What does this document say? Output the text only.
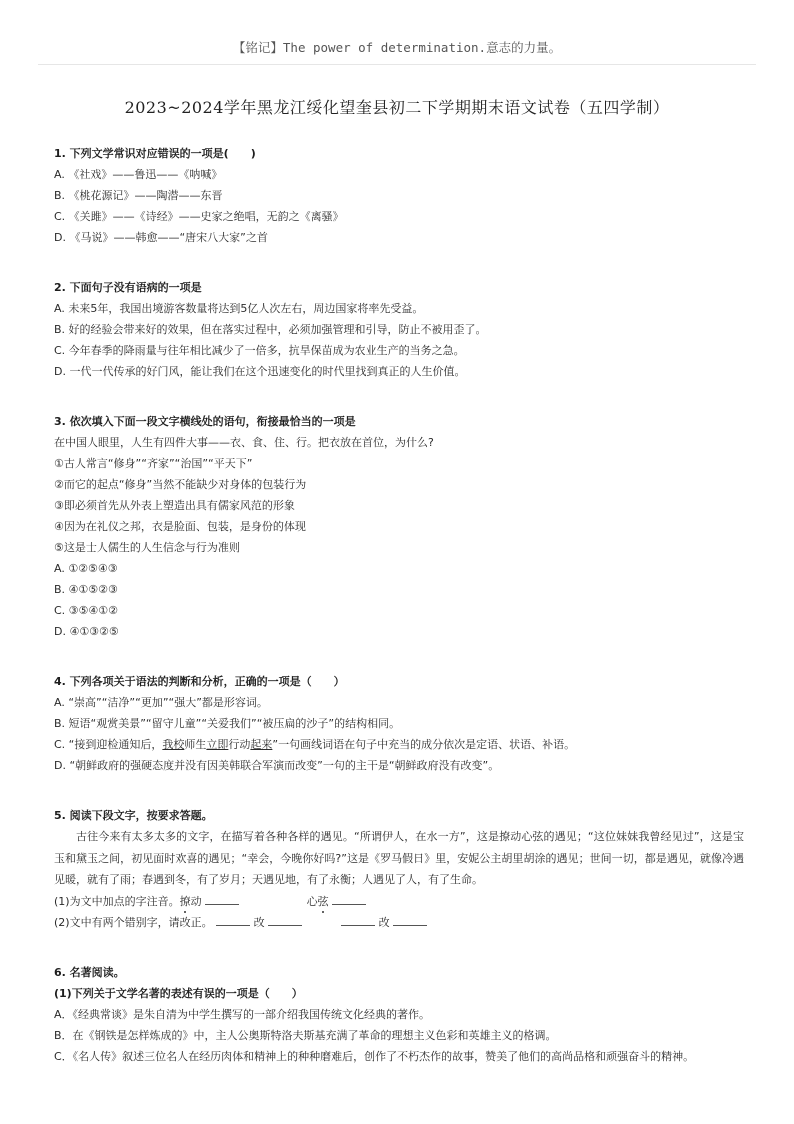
【铭记】The power of determination.意志的力量。
2023~2024学年黑龙江绥化望奎县初二下学期期末语文试卷（五四学制）
1. 下列文学常识对应错误的一项是(　　)
A. 《社戏》——鲁迅——《呐喊》
B. 《桃花源记》——陶潜——东晋
C. 《关雎》——《诗经》——史家之绝唱，无韵之《离骚》
D. 《马说》——韩愈——“唐宋八大家”之首
2. 下面句子没有语病的一项是
A. 未来5年，我国出境游客数量将达到5亿人次左右，周边国家将率先受益。
B. 好的经验会带来好的效果，但在落实过程中，必须加强管理和引导，防止不被用歪了。
C. 今年春季的降雨量与往年相比减少了一倍多，抗旱保苗成为农业生产的当务之急。
D. 一代一代传承的好门风，能让我们在这个迅速变化的时代里找到真正的人生价值。
3. 依次填入下面一段文字横线处的语句，衔接最恰当的一项是
在中国人眼里，人生有四件大事——衣、食、住、行。把衣放在首位，为什么?
①古人常言“修身”“齐家”“治国”“平天下”
②而它的起点“修身”当然不能缺少对身体的包装行为
③即必须首先从外表上塑造出具有儒家风范的形象
④因为在礼仪之邦，衣是脸面、包装，是身份的体现
⑤这是士人儒生的人生信念与行为准则
A. ①②⑤④③
B. ④①⑤②③
C. ③⑤④①②
D. ④①③②⑤
4. 下列各项关于语法的判断和分析，正确的一项是（　　）
A. “崇高”“洁净”“更加”“强大”都是形容词。
B. 短语“观赏美景”“留守儿童”“关爱我们”“被压扁的沙子”的结构相同。
C. “接到迎检通知后，我校师生立即行动起来”一句画线词语在句子中充当的成分依次是定语、状语、补语。
D. “朝鲜政府的强硬态度并没有因美韩联合军演而改变”一句的主干是“朝鲜政府没有改变”。
5. 阅读下段文字，按要求答题。
古往今来有太多太多的文字，在描写着各种各样的遇见。“所谓伊人，在水一方”，这是撩动心弦的遇见；“这位妹妹我曾经见过”，这是宝玉和黛玉之间，初见面时欢喜的遇见；“幸会，今晚你好吗?”这是《罗马假日》里，安妮公主胡里胡涂的遇见；世间一切，都是遇见，就像冷遇见暖，就有了雨；春遇到冬，有了岁月；天遇见地，有了永衡；人遇见了人，有了生命。
(1)为文中加点的字注音。撩动	心弦
(2)文中有两个错别字，请改正。	改	改
6. 名著阅读。
(1)下列关于文学名著的表述有误的一项是（　　）
A．《经典常谈》是朱自清为中学生撰写的一部介绍我国传统文化经典的著作。
B．在《钢铁是怎样炼成的》中，主人公奥斯特洛夫斯基充满了革命的理想主义色彩和英雄主义的格调。
C．《名人传》叙述三位名人在经历肉体和精神上的种种磨难后，创作了不朽杰作的故事，赞美了他们的高尚品格和顽强奋斗的精神。
